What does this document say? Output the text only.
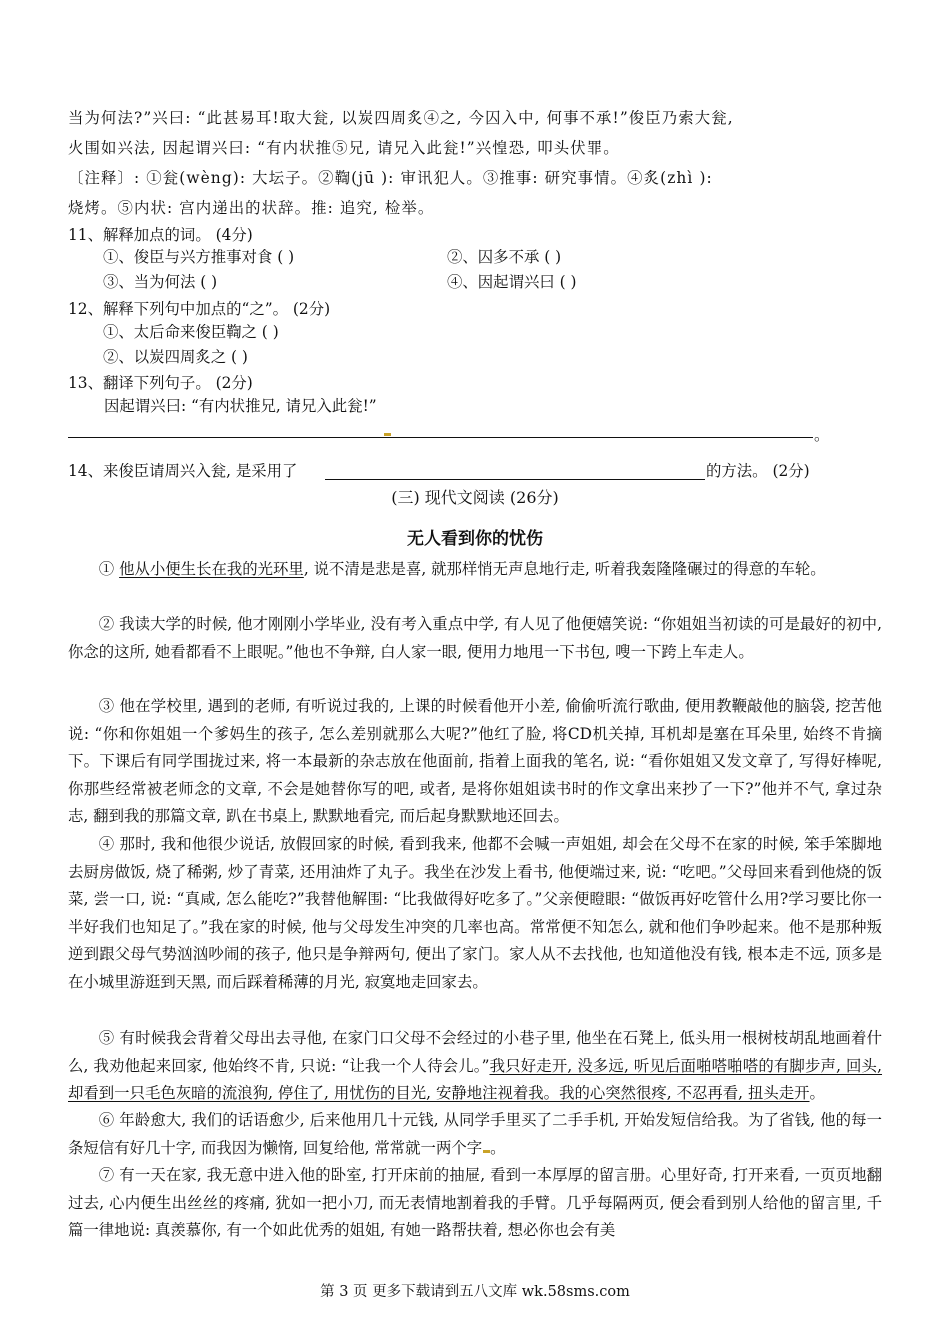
当为何法?”兴曰: “此甚易耳!取大瓮, 以炭四周炙④之, 今囚入中, 何事不承!”俊臣乃索大瓮,
火围如兴法, 因起谓兴曰: “有内状推⑤兄, 请兄入此瓮!”兴惶恐, 叩头伏罪。
〔注释〕: ①瓮(wèng): 大坛子。②鞫(jū ): 审讯犯人。③推事: 研究事情。④炙(zhì ):
烧烤。⑤内状: 宫内递出的状辞。推: 追究, 检举。
11、解释加点的词。 (4分)
①、俊臣与兴方推事对食 ( )	②、囚多不承 ( )
③、当为何法 ( )	④、因起谓兴曰 ( )
12、解释下列句中加点的“之”。 (2分)
①、太后命来俊臣鞫之 ( )
②、以炭四周炙之 ( )
13、翻译下列句子。 (2分)
因起谓兴曰: “有内状推兄, 请兄入此瓮!”
。
14、来俊臣请周兴入瓮, 是采用了	的方法。 (2分)
(三) 现代文阅读 (26分)
无人看到你的忧伤
① 他从小便生长在我的光环里, 说不清是悲是喜, 就那样悄无声息地行走, 听着我轰隆隆碾过的得意的车轮。
② 我读大学的时候, 他才刚刚小学毕业, 没有考入重点中学, 有人见了他便嬉笑说: “你姐姐当初读的可是最好的初中, 你念的这所, 她看都看不上眼呢。”他也不争辩, 白人家一眼, 便用力地甩一下书包, 嗖一下跨上车走人。
③ 他在学校里, 遇到的老师, 有听说过我的, 上课的时候看他开小差, 偷偷听流行歌曲, 便用教鞭敲他的脑袋, 挖苦他说: “你和你姐姐一个爹妈生的孩子, 怎么差别就那么大呢?”他红了脸, 将CD机关掉, 耳机却是塞在耳朵里, 始终不肯摘下。下课后有同学围拢过来, 将一本最新的杂志放在他面前, 指着上面我的笔名, 说: “看你姐姐又发文章了, 写得好棒呢, 你那些经常被老师念的文章, 不会是她替你写的吧, 或者, 是将你姐姐读书时的作文拿出来抄了一下?”他并不气, 拿过杂志, 翻到我的那篇文章, 趴在书桌上, 默默地看完, 而后起身默默地还回去。
④ 那时, 我和他很少说话, 放假回家的时候, 看到我来, 他都不会喊一声姐姐, 却会在父母不在家的时候, 笨手笨脚地去厨房做饭, 烧了稀粥, 炒了青菜, 还用油炸了丸子。我坐在沙发上看书, 他便端过来, 说: “吃吧。”父母回来看到他烧的饭菜, 尝一口, 说: “真咸, 怎么能吃?”我替他解围: “比我做得好吃多了。”父亲便瞪眼: “做饭再好吃管什么用?学习要比你一半好我们也知足了。”我在家的时候, 他与父母发生冲突的几率也高。常常便不知怎么, 就和他们争吵起来。他不是那种叛逆到跟父母气势汹汹吵闹的孩子, 他只是争辩两句, 便出了家门。家人从不去找他, 也知道他没有钱, 根本走不远, 顶多是在小城里游逛到天黑, 而后踩着稀薄的月光, 寂寞地走回家去。
⑤ 有时候我会背着父母出去寻他, 在家门口父母不会经过的小巷子里, 他坐在石凳上, 低头用一根树枝胡乱地画着什么, 我劝他起来回家, 他始终不肯, 只说: “让我一个人待会儿。”我只好走开, 没多远, 听见后面啪嗒啪嗒的有脚步声, 回头, 却看到一只毛色灰暗的流浪狗, 停住了, 用忧伤的目光, 安静地注视着我。我的心突然很疼, 不忍再看, 扭头走开。
⑥ 年龄愈大, 我们的话语愈少, 后来他用几十元钱, 从同学手里买了二手手机, 开始发短信给我。为了省钱, 他的每一条短信有好几十字, 而我因为懒惰, 回复给他, 常常就一两个字 。
⑦ 有一天在家, 我无意中进入他的卧室, 打开床前的抽屉, 看到一本厚厚的留言册。心里好奇, 打开来看, 一页页地翻过去, 心内便生出丝丝的疼痛, 犹如一把小刀, 而无表情地割着我的手臂。几乎每隔两页, 便会看到别人给他的留言里, 千篇一律地说: 真羡慕你, 有一个如此优秀的姐姐, 有她一路帮扶着, 想必你也会有美
第 3 页 更多下载请到五八文库 wk.58sms.com
